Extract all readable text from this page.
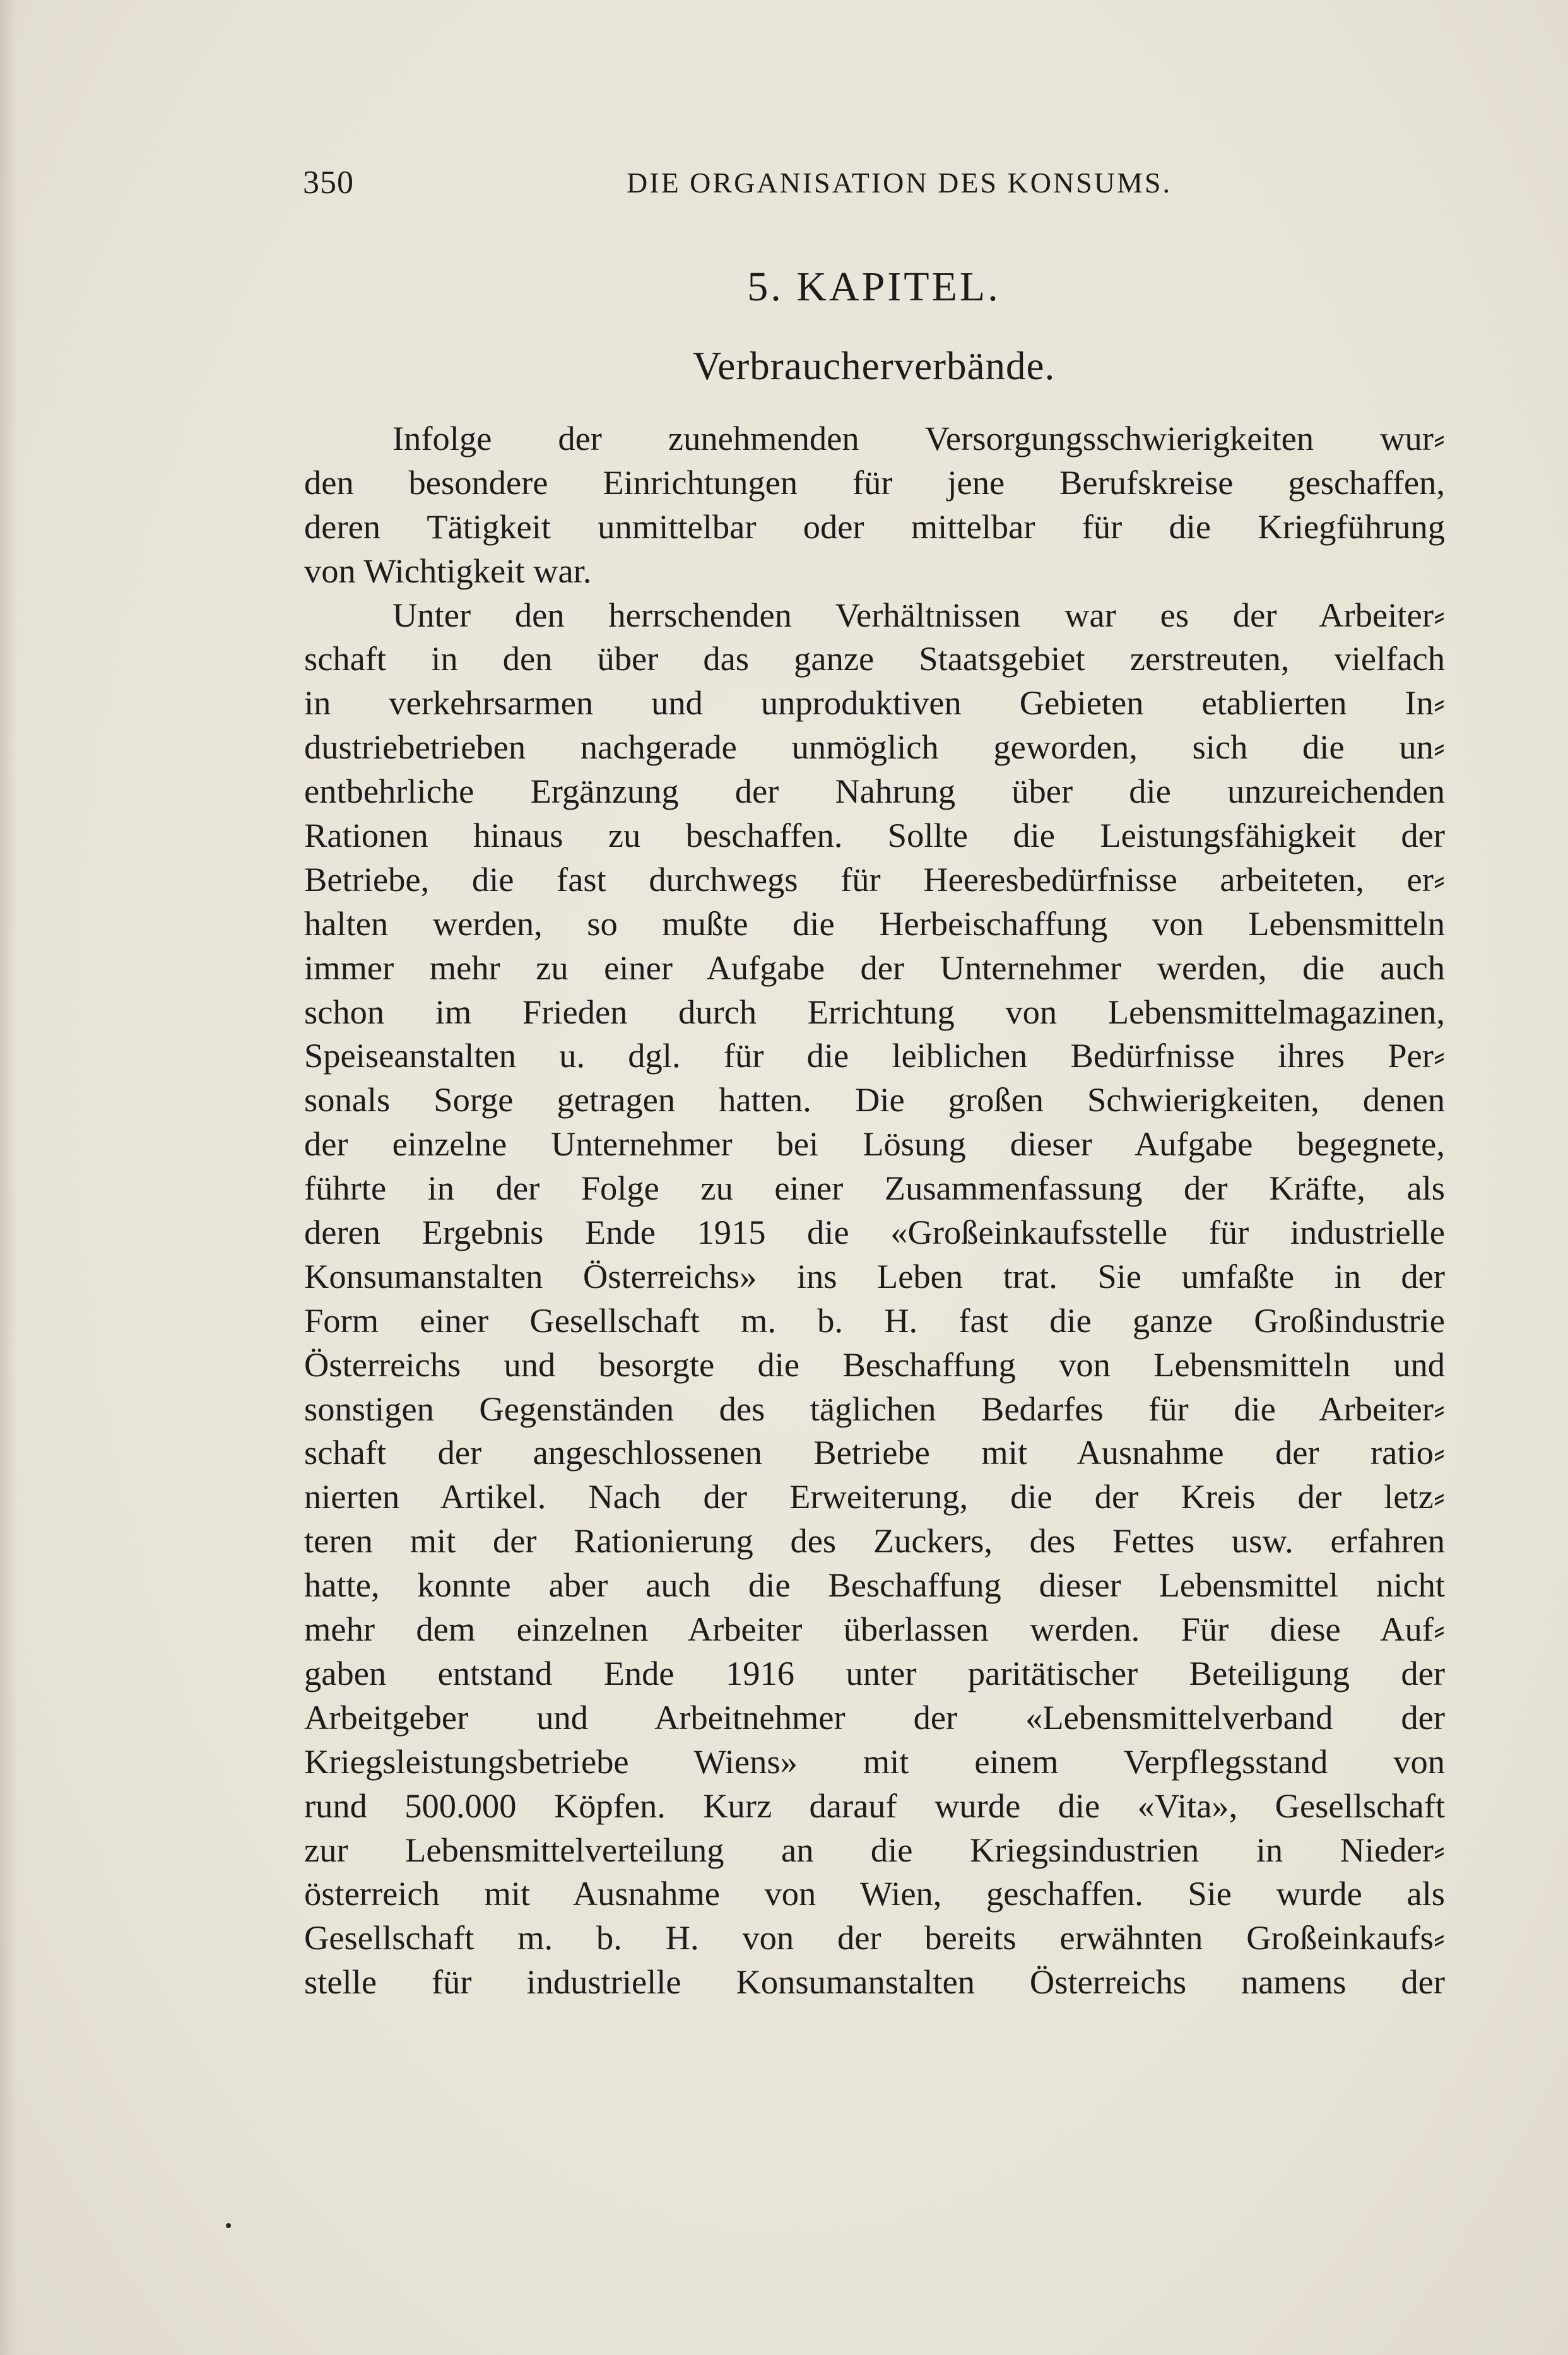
350	DIE ORGANISATION DES KONSUMS.
5. KAPITEL.
Verbraucherverbände.
Infolge der zunehmenden Versorgungsschwierigkeiten wur⸗
den besondere Einrichtungen für jene Berufskreise geschaffen,
deren Tätigkeit unmittelbar oder mittelbar für die Kriegführung
von Wichtigkeit war.
Unter den herrschenden Verhältnissen war es der Arbeiter⸗
schaft in den über das ganze Staatsgebiet zerstreuten, vielfach
in verkehrsarmen und unproduktiven Gebieten etablierten In⸗
dustriebetrieben nachgerade unmöglich geworden, sich die un⸗
entbehrliche Ergänzung der Nahrung über die unzureichenden
Rationen hinaus zu beschaffen. Sollte die Leistungsfähigkeit der
Betriebe, die fast durchwegs für Heeresbedürfnisse arbeiteten, er⸗
halten werden, so mußte die Herbeischaffung von Lebensmitteln
immer mehr zu einer Aufgabe der Unternehmer werden, die auch
schon im Frieden durch Errichtung von Lebensmittelmagazinen,
Speiseanstalten u. dgl. für die leiblichen Bedürfnisse ihres Per⸗
sonals Sorge getragen hatten. Die großen Schwierigkeiten, denen
der einzelne Unternehmer bei Lösung dieser Aufgabe begegnete,
führte in der Folge zu einer Zusammenfassung der Kräfte, als
deren Ergebnis Ende 1915 die «Großeinkaufsstelle für industrielle
Konsumanstalten Österreichs» ins Leben trat. Sie umfaßte in der
Form einer Gesellschaft m. b. H. fast die ganze Großindustrie
Österreichs und besorgte die Beschaffung von Lebensmitteln und
sonstigen Gegenständen des täglichen Bedarfes für die Arbeiter⸗
schaft der angeschlossenen Betriebe mit Ausnahme der ratio⸗
nierten Artikel. Nach der Erweiterung, die der Kreis der letz⸗
teren mit der Rationierung des Zuckers, des Fettes usw. erfahren
hatte, konnte aber auch die Beschaffung dieser Lebensmittel nicht
mehr dem einzelnen Arbeiter überlassen werden. Für diese Auf⸗
gaben entstand Ende 1916 unter paritätischer Beteiligung der
Arbeitgeber und Arbeitnehmer der «Lebensmittelverband der
Kriegsleistungsbetriebe Wiens» mit einem Verpflegsstand von
rund 500.000 Köpfen. Kurz darauf wurde die «Vita», Gesellschaft
zur Lebensmittelverteilung an die Kriegsindustrien in Nieder⸗
österreich mit Ausnahme von Wien, geschaffen. Sie wurde als
Gesellschaft m. b. H. von der bereits erwähnten Großeinkaufs⸗
stelle für industrielle Konsumanstalten Österreichs namens der
